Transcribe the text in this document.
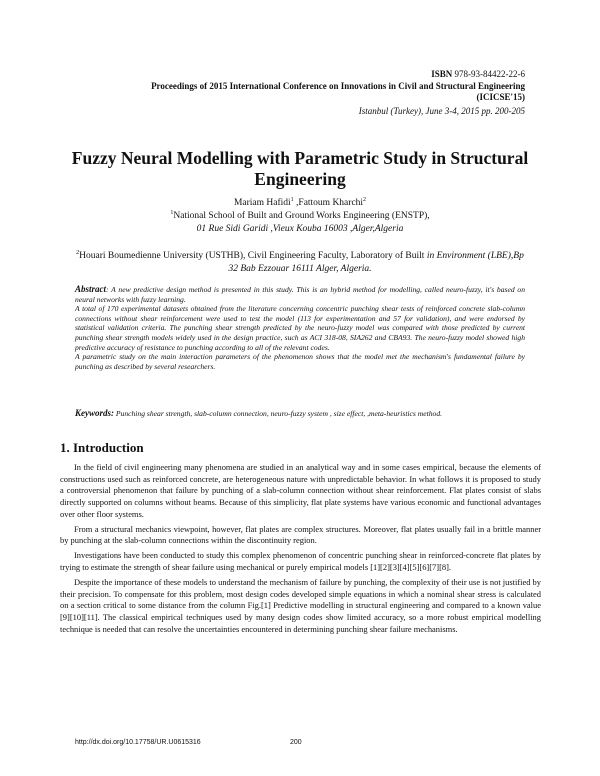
ISBN 978-93-84422-22-6
Proceedings of 2015 International Conference on Innovations in Civil and Structural Engineering
(ICICSE'15)
Istanbul (Turkey), June 3-4, 2015 pp. 200-205
Fuzzy Neural Modelling with Parametric Study in Structural
Engineering
Mariam Hafidi$^1$ ,Fattoum Kharchi$^2$
$^1$National School of Built and Ground Works Engineering (ENSTP),
01 Rue Sidi Garidi ,Vieux Kouba 16003 ,Alger,Algeria
$^2$Houari Boumedienne University (USTHB), Civil Engineering Faculty, Laboratory of Built in Environment (LBE),Bp 32 Bab Ezzouar 16111 Alger, Algeria.

Abstract: A new predictive design method is presented in this study. This is an hybrid method for modelling, called neuro-fuzzy, it's based on neural networks with fuzzy learning.

A total of 170 experimental datasets obtained from the literature concerning concentric punching shear tests of reinforced concrete slab-column connections without shear reinforcement were used to test the model (113 for experimentation and 57 for validation), and were endorsed by statistical validation criteria. The punching shear strength predicted by the neuro-fuzzy model was compared with those predicted by current punching shear strength models widely used in the design practice, such as ACI 318-08, SIA262 and CBA93. The neuro-fuzzy model showed high predictive accuracy of resistance to punching according to all of the relevant codes.

A parametric study on the main interaction parameters of the phenomenon shows that the model met the mechanism's fundamental failure by punching as described by several researchers.

Keywords: Punching shear strength, slab-column connection, neuro-fuzzy system , size effect, ,meta-heuristics method.
1. Introduction

In the field of civil engineering many phenomena are studied in an analytical way and in some cases empirical, because the elements of constructions used such as reinforced concrete, are heterogeneous nature with unpredictable behavior. In what follows it is proposed to study a controversial phenomenon that failure by punching of a slab-column connection without shear reinforcement. Flat plates consist of slabs directly supported on columns without beams. Because of this simplicity, flat plate systems have various economic and functional advantages over other floor systems.

From a structural mechanics viewpoint, however, flat plates are complex structures. Moreover, flat plates usually fail in a brittle manner by punching at the slab-column connections within the discontinuity region.

Investigations have been conducted to study this complex phenomenon of concentric punching shear in reinforced-concrete flat plates by trying to estimate the strength of shear failure using mechanical or purely empirical models [1][2][3][4][5][6][7][8].

Despite the importance of these models to understand the mechanism of failure by punching, the complexity of their use is not justified by their precision. To compensate for this problem, most design codes developed simple equations in which a nominal shear stress is calculated on a section critical to some distance from the column Fig.[1] Predictive modelling in structural engineering and compared to a known value [9][10][11]. The classical empirical techniques used by many design codes show limited accuracy, so a more robust empirical modelling technique is needed that can resolve the uncertainties encountered in determining punching shear failure mechanisms.

http://dx.doi.org/10.17758/UR.U0615316	200
